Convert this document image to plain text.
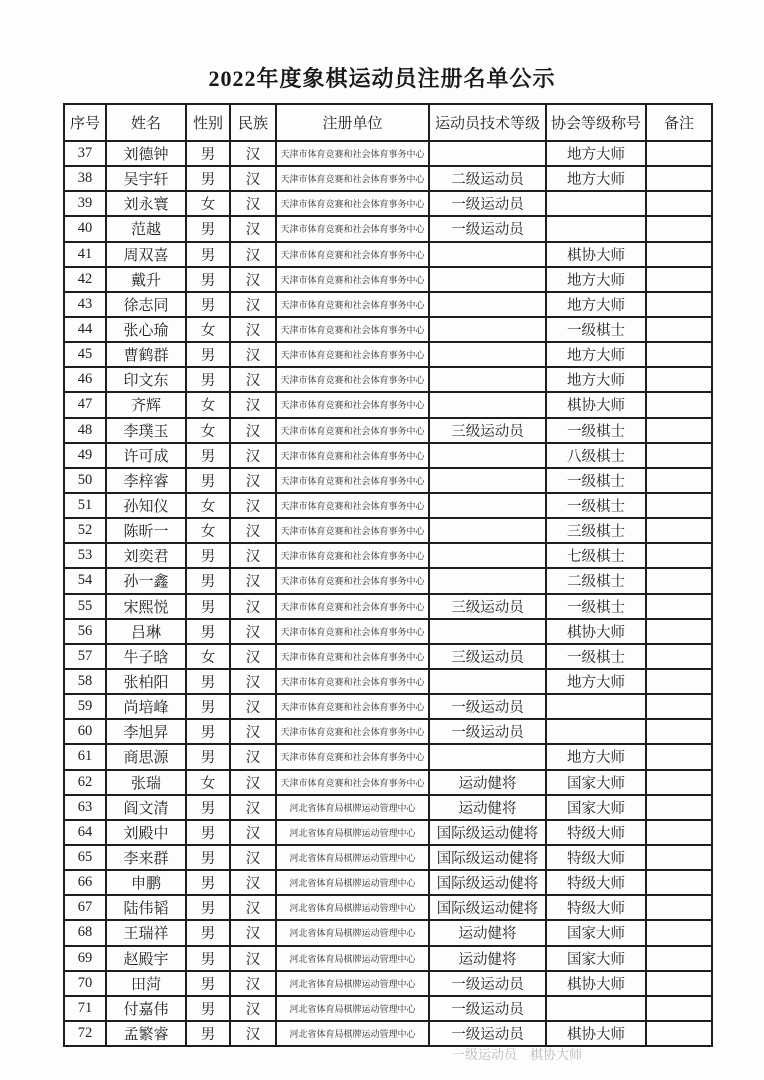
2022年度象棋运动员注册名单公示
序号	姓名	性别	民族	注册单位	运动员技术等级	协会等级称号	备注
37	刘德钟	男	汉	天津市体育竞赛和社会体育事务中心		地方大师	
38	吴宇轩	男	汉	天津市体育竞赛和社会体育事务中心	二级运动员	地方大师	
39	刘永寰	女	汉	天津市体育竞赛和社会体育事务中心	一级运动员		
40	范越	男	汉	天津市体育竞赛和社会体育事务中心	一级运动员		
41	周双喜	男	汉	天津市体育竞赛和社会体育事务中心		棋协大师	
42	戴升	男	汉	天津市体育竞赛和社会体育事务中心		地方大师	
43	徐志同	男	汉	天津市体育竞赛和社会体育事务中心		地方大师	
44	张心瑜	女	汉	天津市体育竞赛和社会体育事务中心		一级棋士	
45	曹鹤群	男	汉	天津市体育竞赛和社会体育事务中心		地方大师	
46	印文东	男	汉	天津市体育竞赛和社会体育事务中心		地方大师	
47	齐辉	女	汉	天津市体育竞赛和社会体育事务中心		棋协大师	
48	李璞玉	女	汉	天津市体育竞赛和社会体育事务中心	三级运动员	一级棋士	
49	许可成	男	汉	天津市体育竞赛和社会体育事务中心		八级棋士	
50	李梓睿	男	汉	天津市体育竞赛和社会体育事务中心		一级棋士	
51	孙知仪	女	汉	天津市体育竞赛和社会体育事务中心		一级棋士	
52	陈昕一	女	汉	天津市体育竞赛和社会体育事务中心		三级棋士	
53	刘奕君	男	汉	天津市体育竞赛和社会体育事务中心		七级棋士	
54	孙一鑫	男	汉	天津市体育竞赛和社会体育事务中心		二级棋士	
55	宋熙悦	男	汉	天津市体育竞赛和社会体育事务中心	三级运动员	一级棋士	
56	吕琳	男	汉	天津市体育竞赛和社会体育事务中心		棋协大师	
57	牛子晗	女	汉	天津市体育竞赛和社会体育事务中心	三级运动员	一级棋士	
58	张柏阳	男	汉	天津市体育竞赛和社会体育事务中心		地方大师	
59	尚培峰	男	汉	天津市体育竞赛和社会体育事务中心	一级运动员		
60	李旭昇	男	汉	天津市体育竞赛和社会体育事务中心	一级运动员		
61	商思源	男	汉	天津市体育竞赛和社会体育事务中心		地方大师	
62	张瑞	女	汉	天津市体育竞赛和社会体育事务中心	运动健将	国家大师	
63	阎文清	男	汉	河北省体育局棋牌运动管理中心	运动健将	国家大师	
64	刘殿中	男	汉	河北省体育局棋牌运动管理中心	国际级运动健将	特级大师	
65	李来群	男	汉	河北省体育局棋牌运动管理中心	国际级运动健将	特级大师	
66	申鹏	男	汉	河北省体育局棋牌运动管理中心	国际级运动健将	特级大师	
67	陆伟韬	男	汉	河北省体育局棋牌运动管理中心	国际级运动健将	特级大师	
68	王瑞祥	男	汉	河北省体育局棋牌运动管理中心	运动健将	国家大师	
69	赵殿宇	男	汉	河北省体育局棋牌运动管理中心	运动健将	国家大师	
70	田菏	男	汉	河北省体育局棋牌运动管理中心	一级运动员	棋协大师	
71	付嘉伟	男	汉	河北省体育局棋牌运动管理中心	一级运动员		
72	孟繁睿	男	汉	河北省体育局棋牌运动管理中心	一级运动员	棋协大师	
一级运动员　棋协大师
